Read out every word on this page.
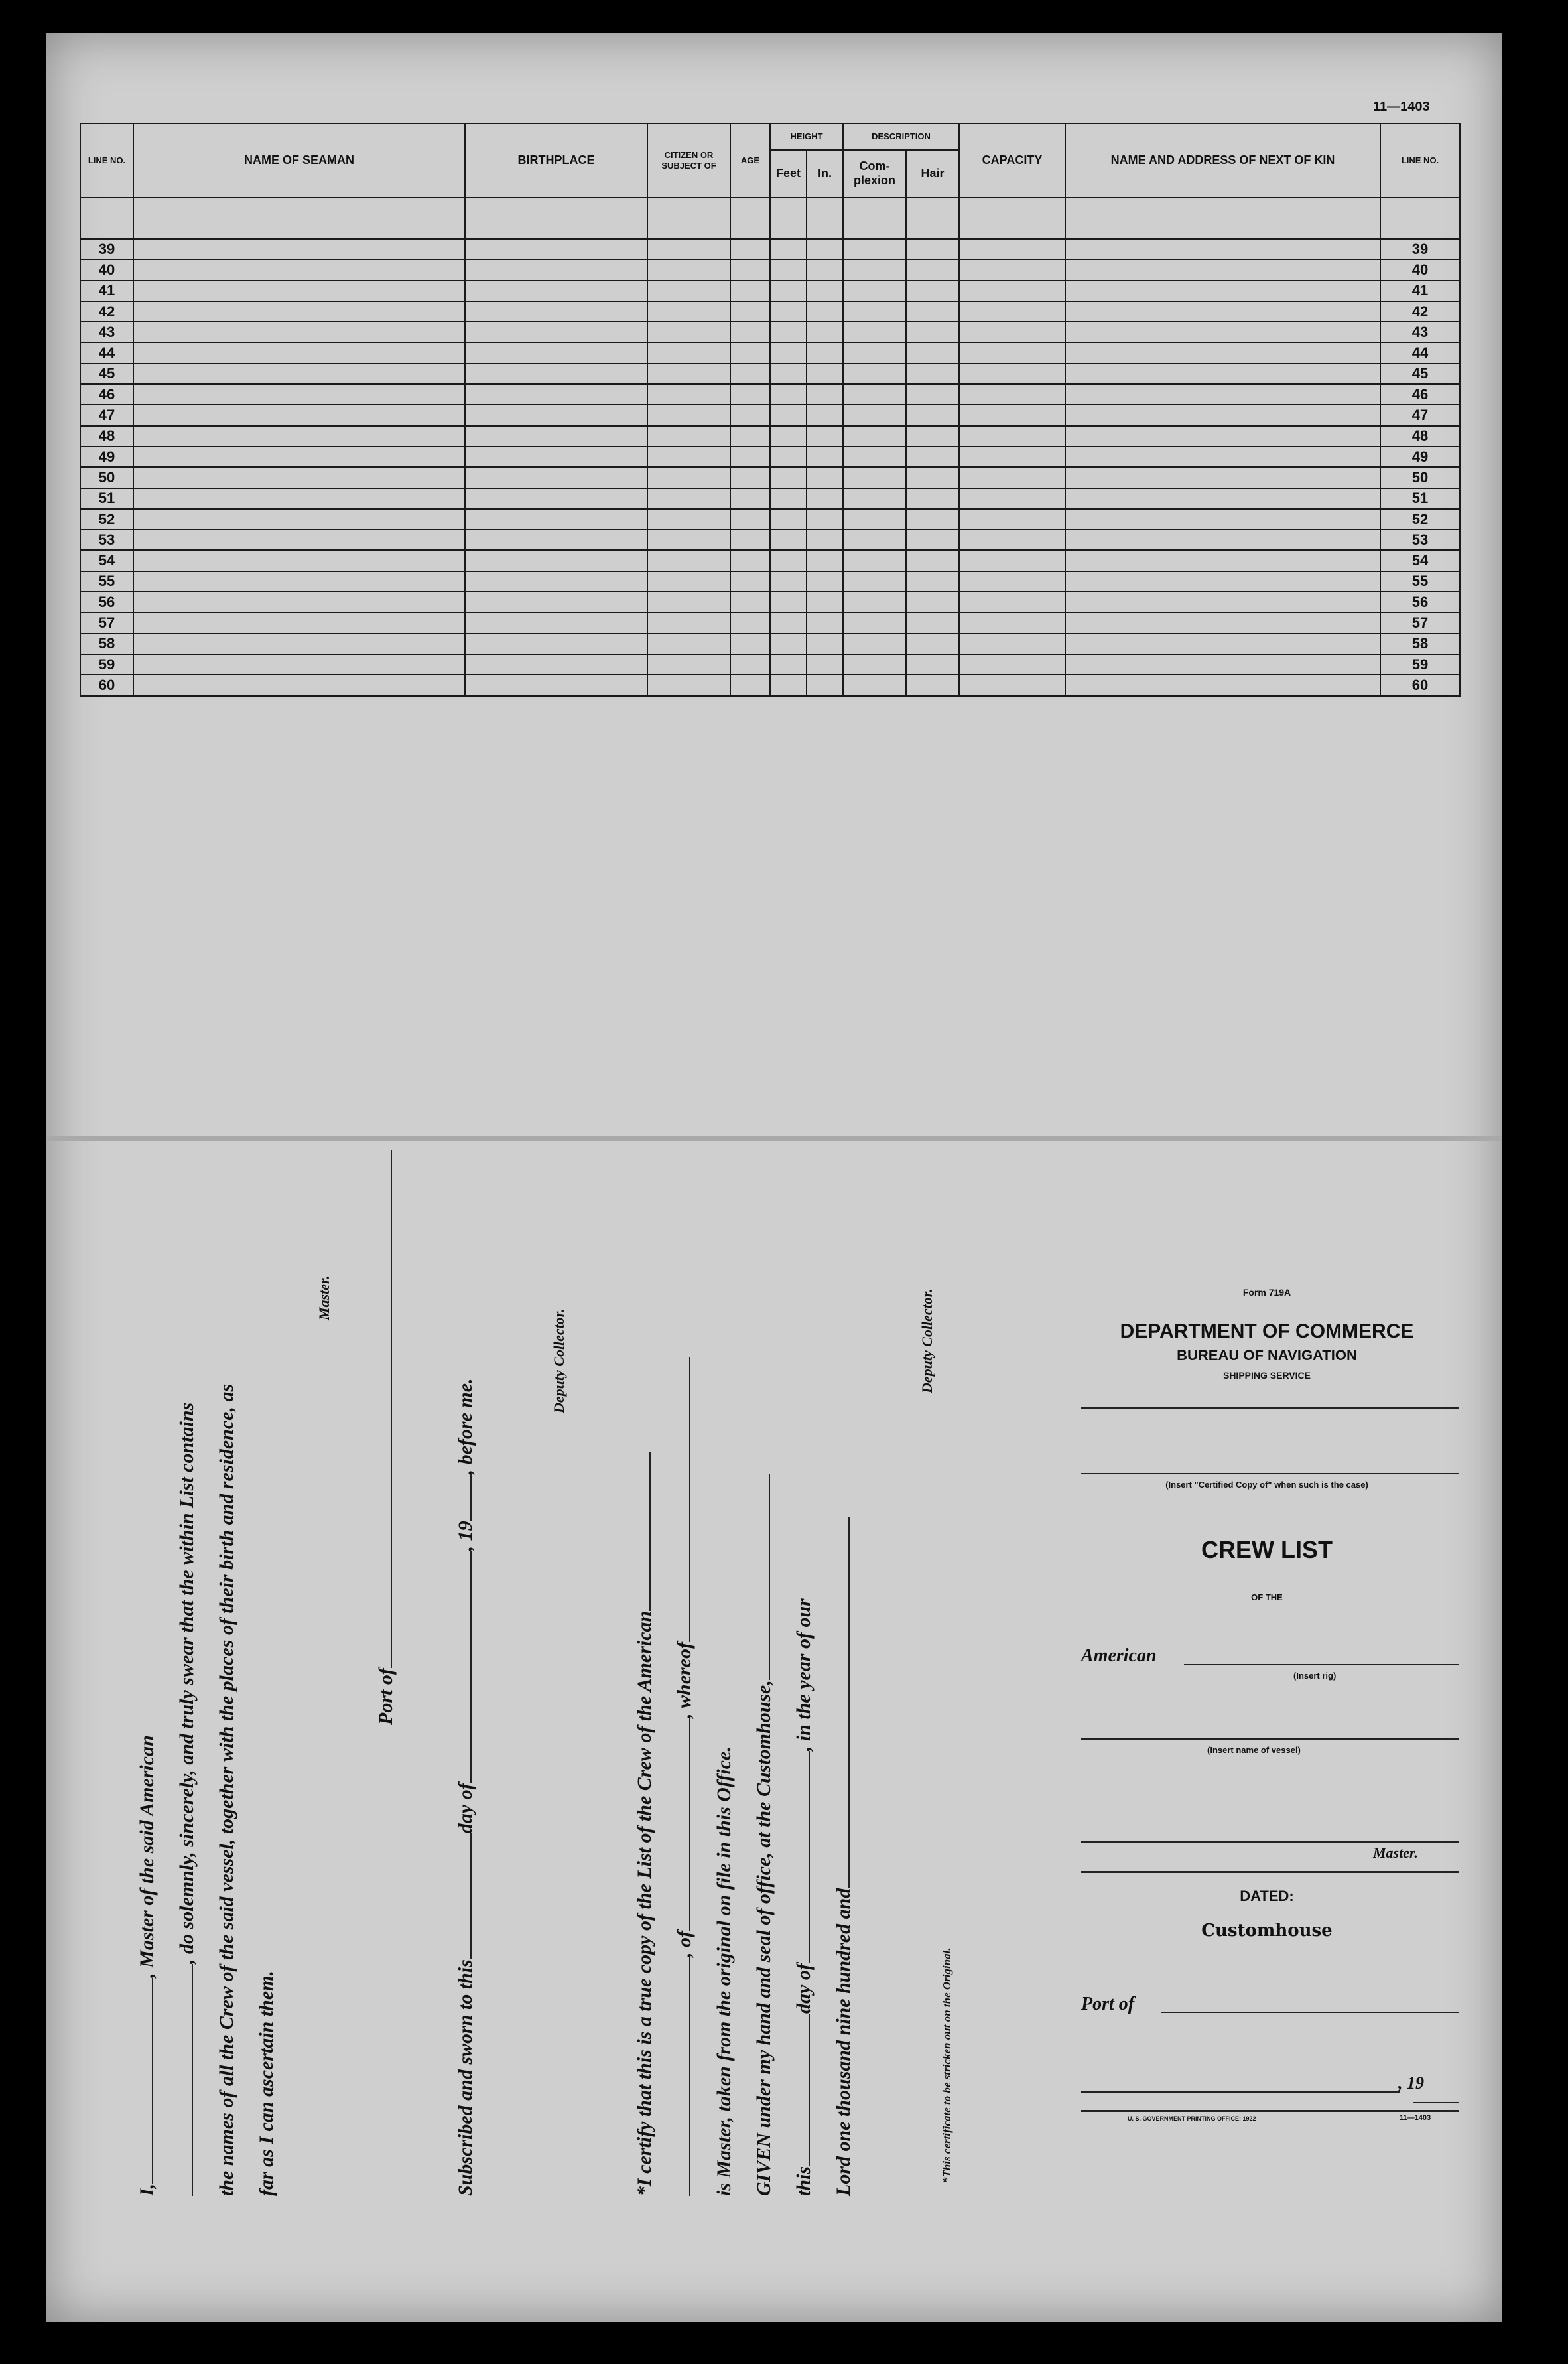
11—1403
LINE NO.	NAME OF SEAMAN	BIRTHPLACE	CITIZEN OR SUBJECT OF	AGE	HEIGHT		DESCRIPTION		CAPACITY	NAME AND ADDRESS OF NEXT OF KIN	LINE NO.
					Feet	In.	Com-plexion	Hair			

39											39
40											40
41											41
42											42
43											43
44											44
45											45
46											46
47											47
48											48
49											49
50											50
51											51
52											52
53											53
54											54
55											55
56											56
57											57
58											58
59											59
60											60
I,, Master of the said American , do solemnly, sincerely, and truly swear that the within List contains the names of all the Crew of the said vessel, together with the places of their birth and residence, as far as I can ascertain them.
Master.
Port of
Subscribed and sworn to thisday of, 19, before me.
Deputy Collector.
*I certify that this is a true copy of the List of the Crew of the American , of, whereof
is Master, taken from the original on file in this Office. GIVEN under my hand and seal of office, at the Customhouse, thisday of, in the year of our
Lord one thousand nine hundred and
Deputy Collector.
*This certificate to be stricken out on the Original.
Form 719A
DEPARTMENT OF COMMERCE
BUREAU OF NAVIGATION
SHIPPING SERVICE
(Insert "Certified Copy of" when such is the case)
CREW LIST
OF THE
American
(Insert rig)
(Insert name of vessel)
Master.
DATED:
Customhouse
Port of
, 19
U. S. GOVERNMENT PRINTING OFFICE: 1922	11—1403
